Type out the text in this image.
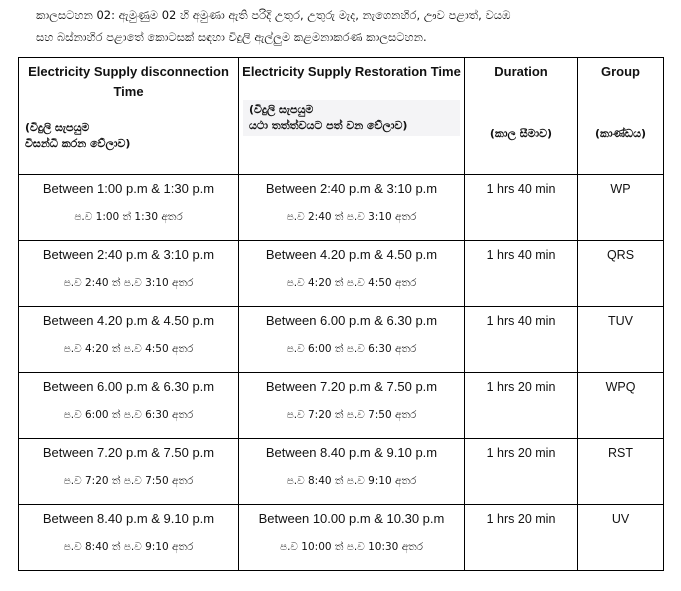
කාලසටහන 02: ඇමුණුම 02 හි අමුණා ඇති පරිදි උතුර, උතුරු මැද, නැගෙනහිර, ඌව පළාත්, වයඹ
සහ බස්නාහිර පළාතේ කොටසක් සඳහා විදුලි ඇල්ලුම කළමනාකරණ කාලසටහන.
Electricity Supply disconnection Time
(විදුලි සැපයුම
විසන්ධි කරන වේලාව)	Electricity Supply Restoration Time
(විදුලි සැපයුම
යථා තත්ත්වයට පත් වන වේලාව)	Duration
(කාල සීමාව)	Group
(කාණ්ඩය)

Between 1:00 p.m & 1:30 p.m
ප.ව 1:00 ත් 1:30 අතර	Between 2:40 p.m & 3:10 p.m
ප.ව 2:40 ත් ප.ව 3:10 අතර	1 hrs 40 min	WP

Between 2:40 p.m & 3:10 p.m
ප.ව 2:40 ත් ප.ව 3:10 අතර	Between 4.20 p.m & 4.50 p.m
ප.ව 4:20 ත් ප.ව 4:50 අතර	1 hrs 40 min	QRS

Between 4.20 p.m & 4.50 p.m
ප.ව 4:20 ත් ප.ව 4:50 අතර	Between 6.00 p.m & 6.30 p.m
ප.ව 6:00 ත් ප.ව 6:30 අතර	1 hrs 40 min	TUV

Between 6.00 p.m & 6.30 p.m
ප.ව 6:00 ත් ප.ව 6:30 අතර	Between 7.20 p.m & 7.50 p.m
ප.ව 7:20 ත් ප.ව 7:50 අතර	1 hrs 20 min	WPQ

Between 7.20 p.m & 7.50 p.m
ප.ව 7:20 ත් ප.ව 7:50 අතර	Between 8.40 p.m & 9.10 p.m
ප.ව 8:40 ත් ප.ව 9:10 අතර	1 hrs 20 min	RST

Between 8.40 p.m & 9.10 p.m
ප.ව 8:40 ත් ප.ව 9:10 අතර	Between 10.00 p.m & 10.30 p.m
ප.ව 10:00 ත් ප.ව 10:30 අතර	1 hrs 20 min	UV
